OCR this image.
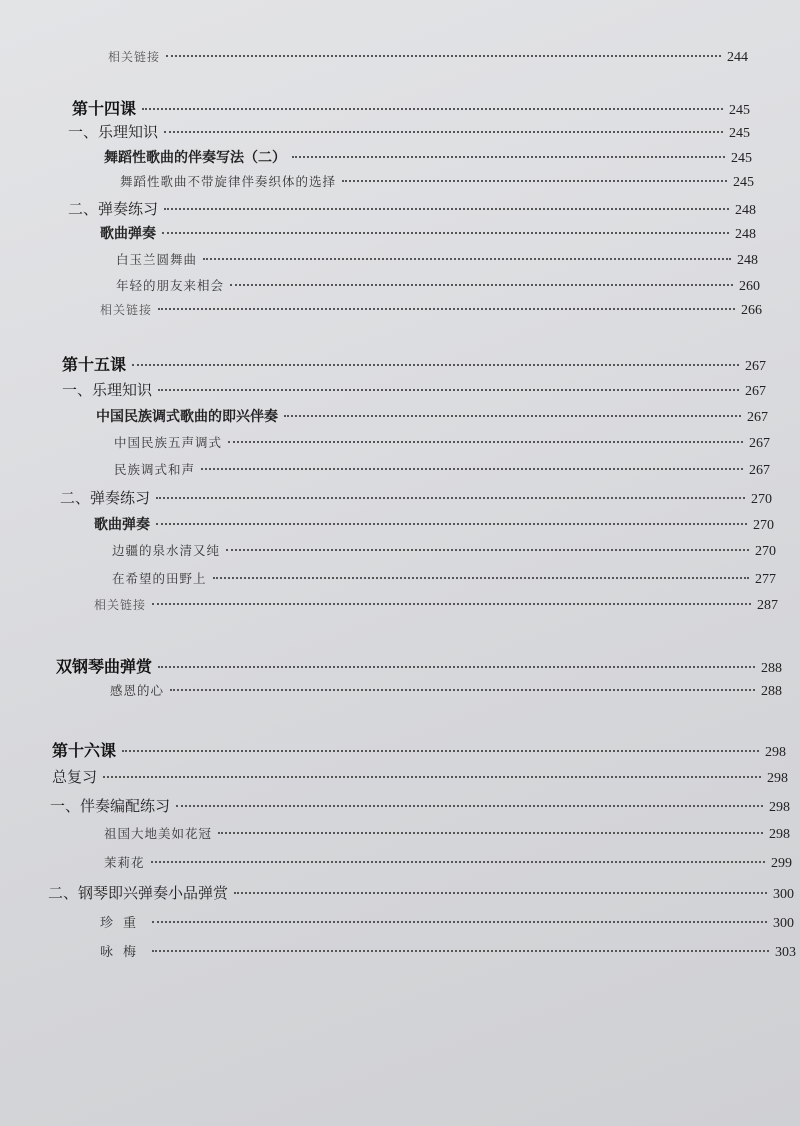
相关链接	244
第十四课	245
一、乐理知识	245
舞蹈性歌曲的伴奏写法（二）	245
舞蹈性歌曲不带旋律伴奏织体的选择	245
二、弹奏练习	248
歌曲弹奏	248
白玉兰圆舞曲	248
年轻的朋友来相会	260
相关链接	266
第十五课	267
一、乐理知识	267
中国民族调式歌曲的即兴伴奏	267
中国民族五声调式	267
民族调式和声	267
二、弹奏练习	270
歌曲弹奏	270
边疆的泉水清又纯	270
在希望的田野上	277
相关链接	287
双钢琴曲弹赏	288
感恩的心	288
第十六课	298
总复习	298
一、伴奏编配练习	298
祖国大地美如花冠	298
茉莉花	299
二、钢琴即兴弹奏小品弹赏	300
珍重	300
咏梅	303
